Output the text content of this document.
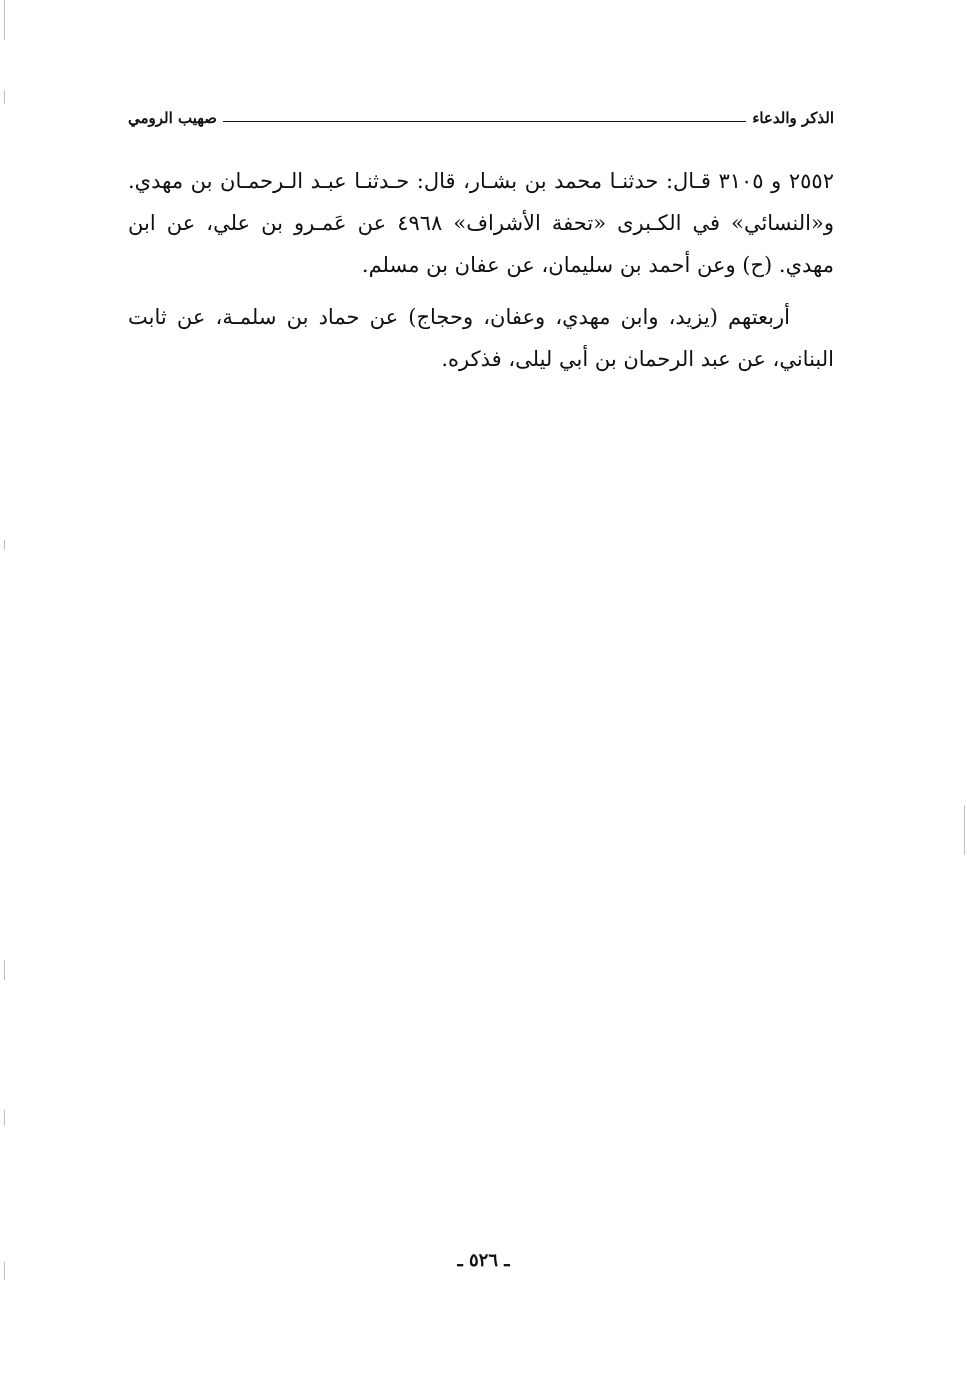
الذكر والدعاء
صهيب الرومي

٢٥٥٢ و ٣١٠٥ قـال: حدثنـا محمد بن بشـار، قال: حـدثنـا عبـد الـرحمـان بن مهدي. و«النسائي» في الكـبرى «تحفة الأشراف» ٤٩٦٨ عن عَمـرو بن علي، عن ابن مهدي. (ح) وعن أحمد بن سليمان، عن عفان بن مسلم.

أربعتهم (يزيد، وابن مهدي، وعفان، وحجاج) عن حماد بن سلمـة، عن ثابت البناني، عن عبد الرحمان بن أبي ليلى، فذكره.

ـ ٥٢٦ ـ
